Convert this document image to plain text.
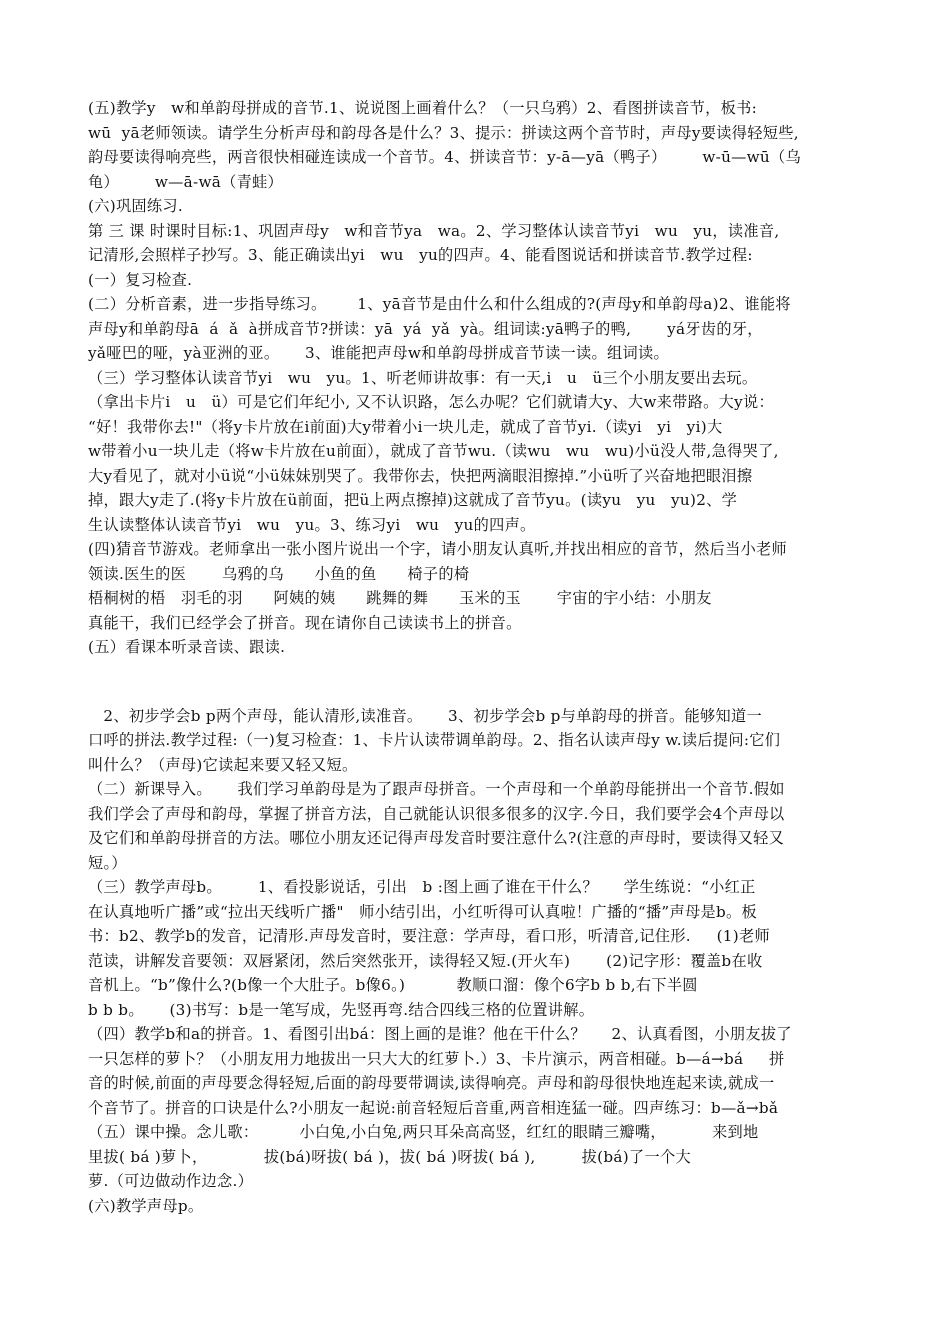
(五)教学y   w和单韵母拼成的音节.1、说说图上画着什么？（一只乌鸦）2、看图拼读音节，板书:
wū  yā老师领读。请学生分析声母和韵母各是什么？3、提示：拼读这两个音节时，声母y要读得轻短些,
韵母要读得响亮些，两音很快相碰连读成一个音节。4、拼读音节：y-ā—yā（鸭子）       w-ū—wū（乌
龟）       w—ā-wā（青蛙）
(六)巩固练习.
第 三 课 时课时目标:1、巩固声母y   w和音节ya   wa。2、学习整体认读音节yi   wu   yu，读准音,
记清形,会照样子抄写。3、能正确读出yi   wu   yu的四声。4、能看图说话和拼读音节.教学过程:
(一）复习检查.
(二）分析音素，进一步指导练习。      1、yā音节是由什么和什么组成的?(声母y和单韵母a)2、谁能将
声母y和单韵母ā  á  ǎ  à拼成音节?拼读：yā  yá  yǎ  yà。组词读:yā鸭子的鸭,       yá牙齿的牙，
yǎ哑巴的哑，yà亚洲的亚。     3、谁能把声母w和单韵母拼成音节读一读。组词读。
（三）学习整体认读音节yi   wu   yu。1、听老师讲故事：有一天,i   u   ü三个小朋友要出去玩。
（拿出卡片i   u   ü）可是它们年纪小, 又不认识路，怎么办呢？它们就请大y、大w来带路。大y说：
“好！我带你去!"（将y卡片放在i前面)大y带着小i一块儿走，就成了音节yi.（读yi   yi   yi)大
w带着小u一块儿走（将w卡片放在u前面），就成了音节wu.（读wu   wu   wu)小ü没人带,急得哭了,
大y看见了，就对小ü说“小ü妹妹别哭了。我带你去，快把两滴眼泪擦掉.”小ü听了兴奋地把眼泪擦
掉，跟大y走了.(将y卡片放在ü前面，把ü上两点擦掉)这就成了音节yu。(读yu   yu   yu)2、学
生认读整体认读音节yi   wu   yu。3、练习yi   wu   yu的四声。
(四)猜音节游戏。老师拿出一张小图片说出一个字，请小朋友认真听,并找出相应的音节，然后当小老师
领读.医生的医       乌鸦的乌      小鱼的鱼      椅子的椅
梧桐树的梧   羽毛的羽      阿姨的姨      跳舞的舞      玉米的玉       宇宙的宇小结：小朋友
真能干，我们已经学会了拼音。现在请你自己读读书上的拼音。
(五）看课本听录音读、跟读.

2、初步学会b p两个声母，能认清形,读准音。     3、初步学会b p与单韵母的拼音。能够知道一
口呼的拼法.教学过程:（一)复习检查：1、卡片认读带调单韵母。2、指名认读声母y w.读后提问:它们
叫什么？（声母)它读起来要又轻又短。
（二）新课导入。     我们学习单韵母是为了跟声母拼音。一个声母和一个单韵母能拼出一个音节.假如
我们学会了声母和韵母，掌握了拼音方法，自己就能认识很多很多的汉字.今日，我们要学会4个声母以
及它们和单韵母拼音的方法。哪位小朋友还记得声母发音时要注意什么?(注意的声母时，要读得又轻又
短。）
（三）教学声母b。       1、看投影说话，引出   b :图上画了谁在干什么？     学生练说：“小红正
在认真地听广播”或“拉出天线听广播"   师小结引出，小红听得可认真啦！广播的“播”声母是b。板
书：b2、教学b的发音，记清形.声母发音时，要注意：学声母，看口形，听清音,记住形.     (1)老师
范读，讲解发音要领：双唇紧闭，然后突然张开，读得轻又短.(开火车)       (2)记字形：覆盖b在收
音机上。“b”像什么?(b像一个大肚子。b像6。)          教顺口溜：像个6字b b b,右下半圆
b b b。     (3)书写：b是一笔写成，先竖再弯.结合四线三格的位置讲解。
（四）教学b和a的拼音。1、看图引出bá：图上画的是谁？他在干什么？     2、认真看图，小朋友拔了
一只怎样的萝卜？（小朋友用力地拔出一只大大的红萝卜.）3、卡片演示，两音相碰。b—á→bá     拼
音的时候,前面的声母要念得轻短,后面的韵母要带调读,读得响亮。声母和韵母很快地连起来读,就成一
个音节了。拼音的口诀是什么?小朋友一起说:前音轻短后音重,两音相连猛一碰。四声练习：b—ǎ→bǎ
（五）课中操。念儿歌：        小白兔,小白兔,两只耳朵高高竖，红红的眼睛三瓣嘴，         来到地
里拔( bá )萝卜，           拔(bá)呀拔( bá )，拔( bá )呀拔( bá ),         拔(bá)了一个大
萝.（可边做动作边念.）
(六)教学声母p。
